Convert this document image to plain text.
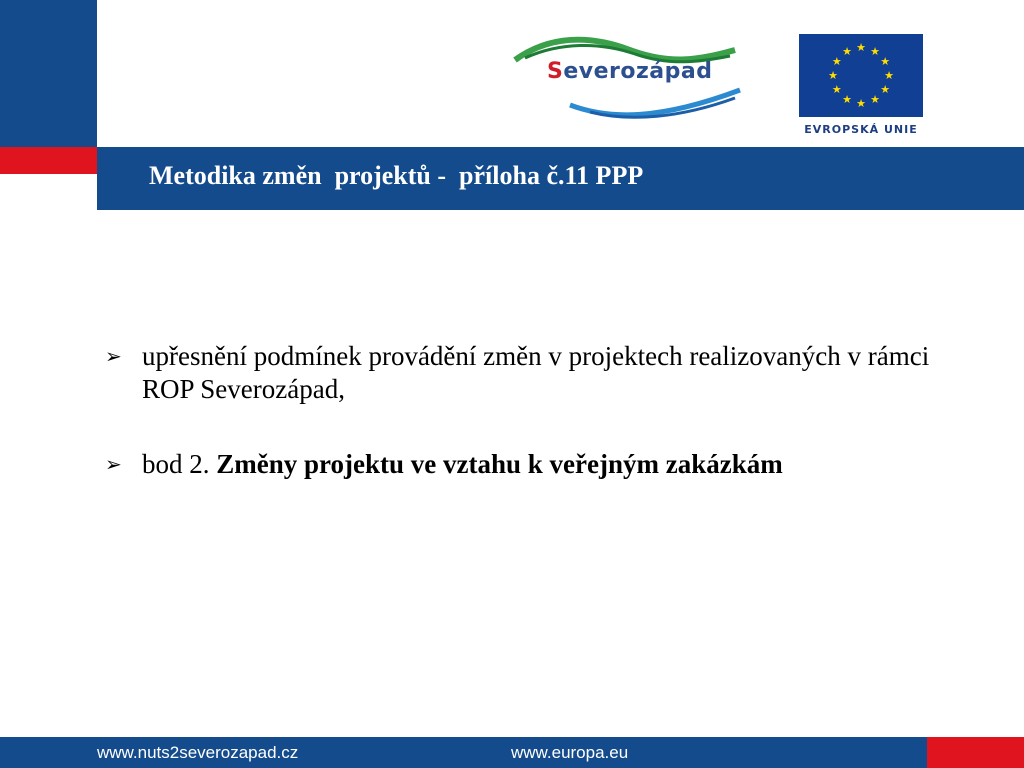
Severozápad
★ ★
★
★
★
★
★
★
★
★
★
★
EVROPSKÁ UNIE
Metodika změn  projektů -  příloha č.11 PPP
➢ upřesnění podmínek provádění změn v projektech realizovaných v rámci ROP Severozápad,
➢ bod 2. Změny projektu ve vztahu k veřejným zakázkám
www.nuts2severozapad.cz	www.europa.eu
